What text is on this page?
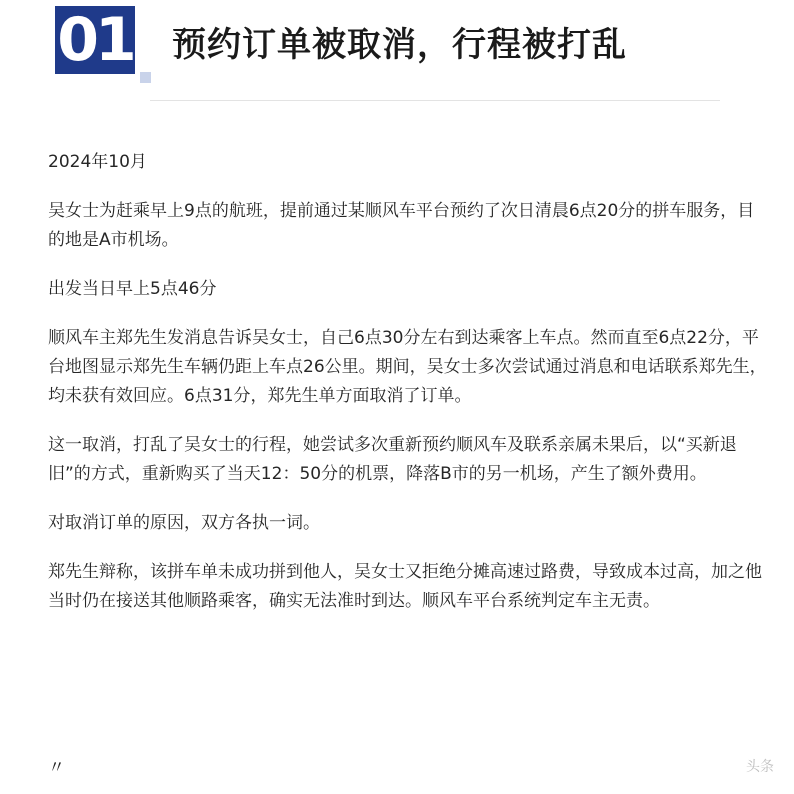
01 预约订单被取消，行程被打乱

2024年10月

吴女士为赶乘早上9点的航班，提前通过某顺风车平台预约了次日清晨6点20分的拼车服务，目的地是A市机场。

出发当日早上5点46分

顺风车主郑先生发消息告诉吴女士，自己6点30分左右到达乘客上车点。然而直至6点22分，平台地图显示郑先生车辆仍距上车点26公里。期间，吴女士多次尝试通过消息和电话联系郑先生，均未获有效回应。6点31分，郑先生单方面取消了订单。

这一取消，打乱了吴女士的行程，她尝试多次重新预约顺风车及联系亲属未果后，以“买新退旧”的方式，重新购买了当天12：50分的机票，降落B市的另一机场，产生了额外费用。

对取消订单的原因，双方各执一词。

郑先生辩称，该拼车单未成功拼到他人，吴女士又拒绝分摊高速过路费，导致成本过高，加之他当时仍在接送其他顺路乘客，确实无法准时到达。顺风车平台系统判定车主无责。

〃	头条
